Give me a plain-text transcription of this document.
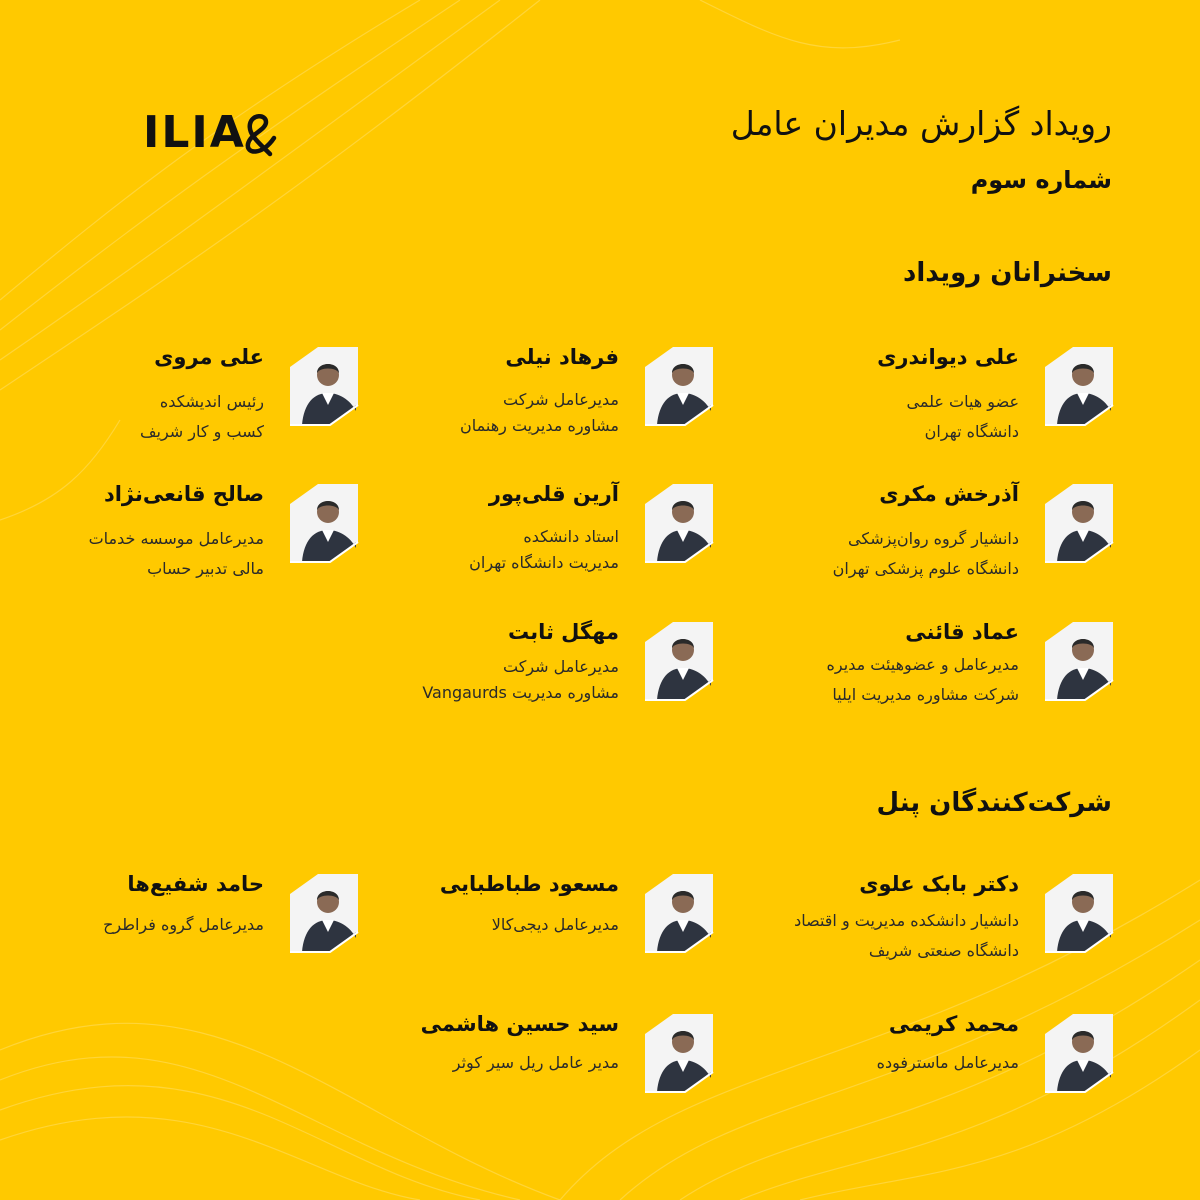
ILIA	رویداد گزارش مدیران عامل
شماره سوم
سخنرانان رویداد
علی دیواندری
عضو هیات علمی
دانشگاه تهران
فرهاد نیلی
مدیرعامل شرکت
مشاوره مدیریت رهنمان
علی مروی
رئیس اندیشکده
کسب و کار شریف
آذرخش مکری
دانشیار گروه روان‌پزشکی
دانشگاه علوم پزشکی تهران
آرین قلی‌پور
استاد دانشکده
مدیریت دانشگاه تهران
صالح قانعی‌نژاد
مدیرعامل موسسه خدمات
مالی تدبیر حساب
عماد قائنی
مدیرعامل و عضوهیئت مدیره
شرکت مشاوره مدیریت ایلیا
مهگل ثابت
مدیرعامل شرکت
مشاوره مدیریت Vangaurds
شرکت‌کنندگان پنل
دکتر بابک علوی
دانشیار دانشکده مدیریت و اقتصاد
دانشگاه صنعتی شریف
مسعود طباطبایی
مدیرعامل دیجی‌کالا
حامد شفیع‌ها
مدیرعامل گروه فراطرح
محمد کریمی
مدیرعامل ماسترفوده
سید حسین هاشمی
مدیر عامل ریل سیر کوثر
